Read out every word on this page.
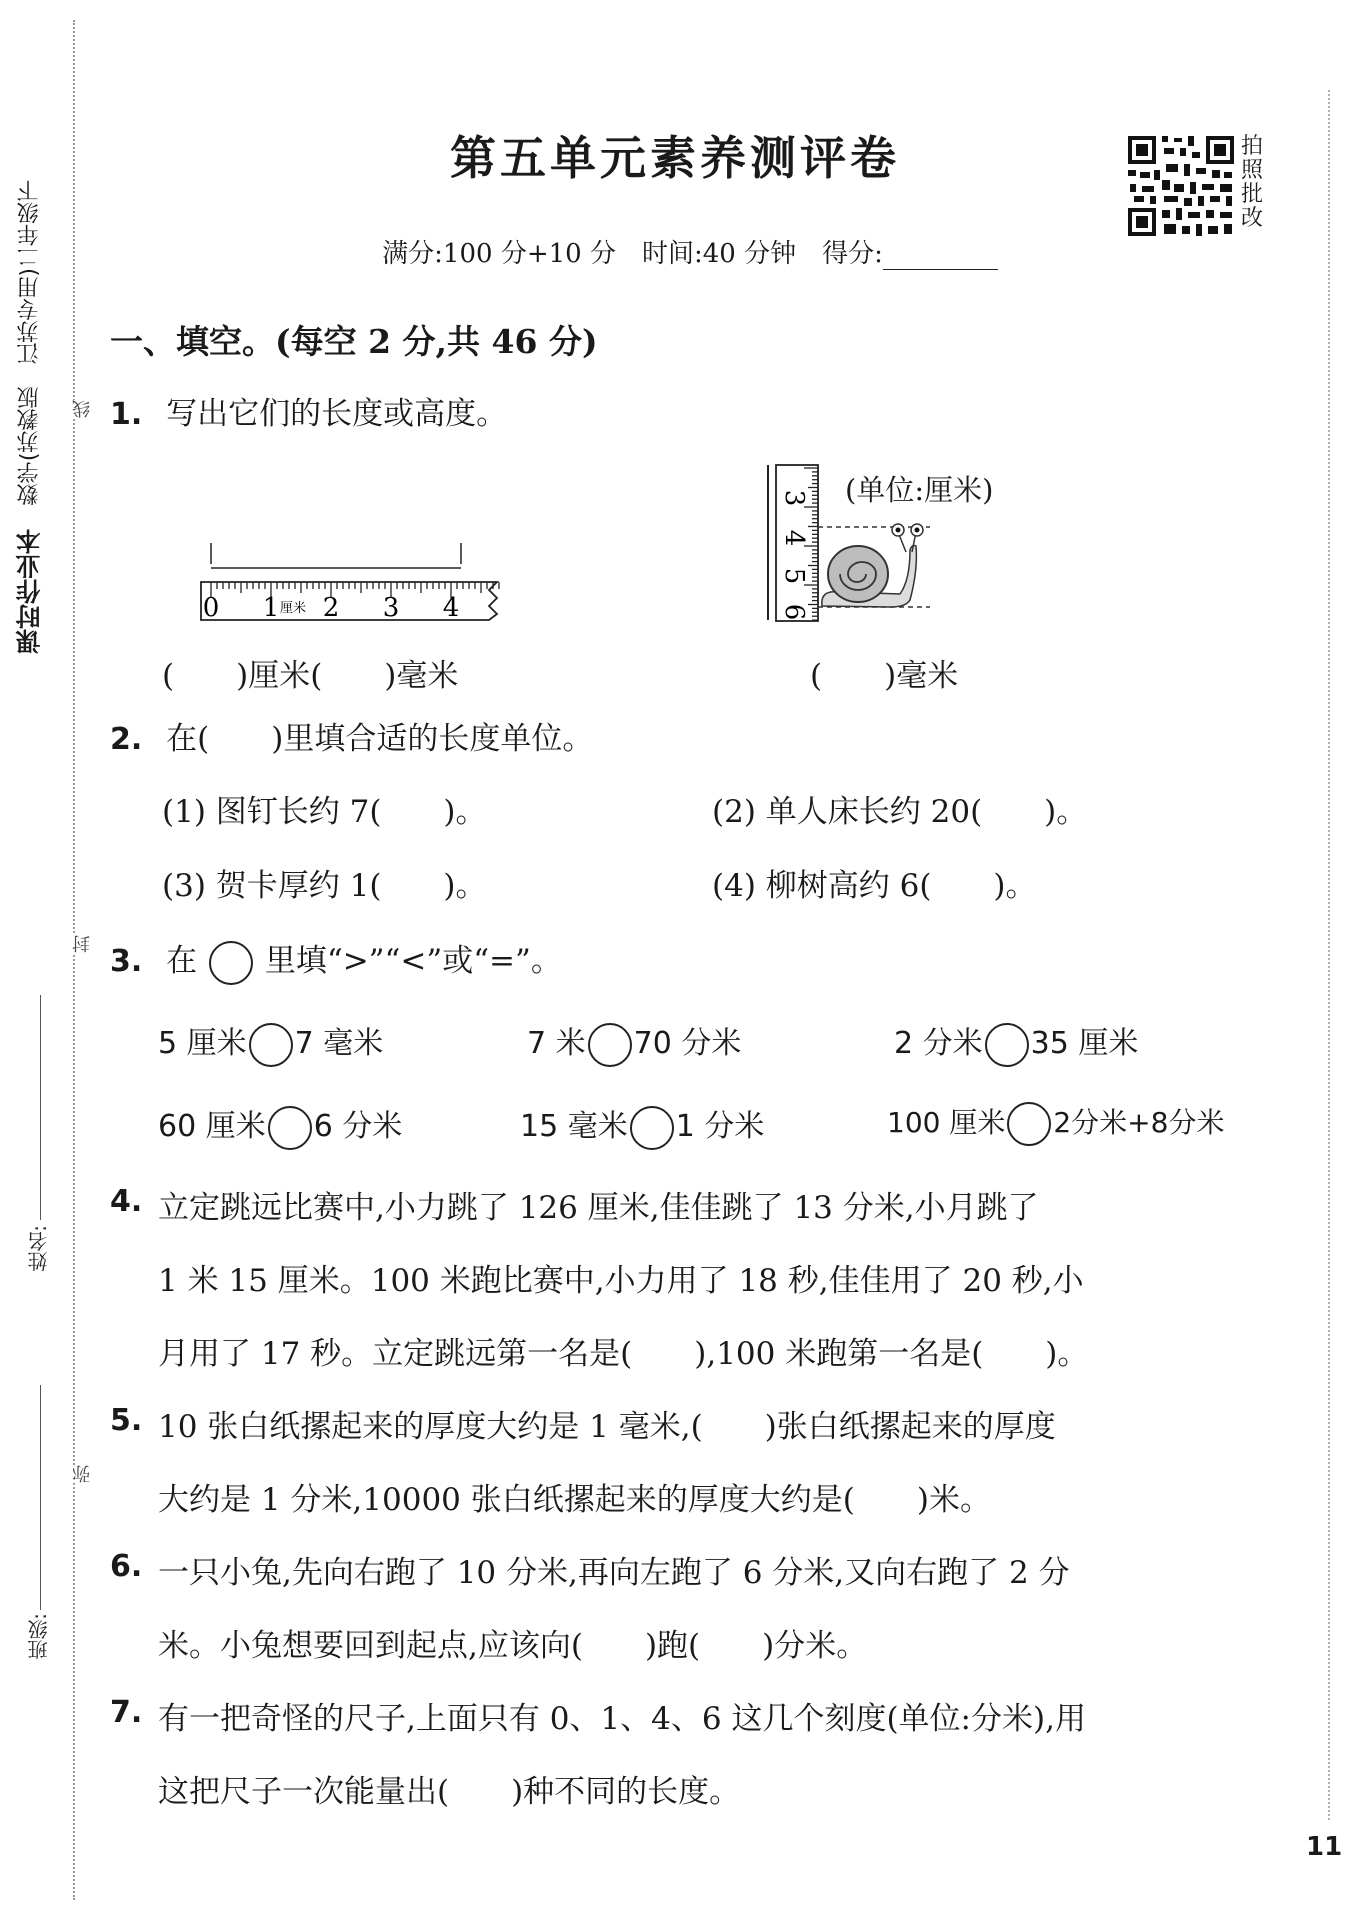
课时作业本  数学(苏教版　江苏专用)二年级下	线
封
弥
姓名:
班级:
第五单元素养测评卷	拍
照
批
改
满分:100 分+10 分　时间:40 分钟　得分:
一、填空。(每空 2 分,共 46 分)
1. 写出它们的长度或高度。
0 1 厘米 2 3 4
3
4
5
6
(单位:厘米)
(　　)厘米(　　)毫米	(　　)毫米
2. 在(　　)里填合适的长度单位。
(1) 图钉长约 7(　　)。	(2) 单人床长约 20(　　)。
(3) 贺卡厚约 1(　　)。	(4) 柳树高约 6(　　)。
3. 在 里填“>”“<”或“=”。
5 厘米 7 毫米	7 米 70 分米	2 分米 35 厘米
60 厘米 6 分米	15 毫米 1 分米	100 厘米 2分米+8分米
4. 立定跳远比赛中,小力跳了 126 厘米,佳佳跳了 13 分米,小月跳了
1 米 15 厘米。100 米跑比赛中,小力用了 18 秒,佳佳用了 20 秒,小
月用了 17 秒。立定跳远第一名是(　　),100 米跑第一名是(　　)。
5. 10 张白纸摞起来的厚度大约是 1 毫米,(　　)张白纸摞起来的厚度
大约是 1 分米,10000 张白纸摞起来的厚度大约是(　　)米。
6. 一只小兔,先向右跑了 10 分米,再向左跑了 6 分米,又向右跑了 2 分
米。小兔想要回到起点,应该向(　　)跑(　　)分米。
7. 有一把奇怪的尺子,上面只有 0、1、4、6 这几个刻度(单位:分米),用
这把尺子一次能量出(　　)种不同的长度。
11
